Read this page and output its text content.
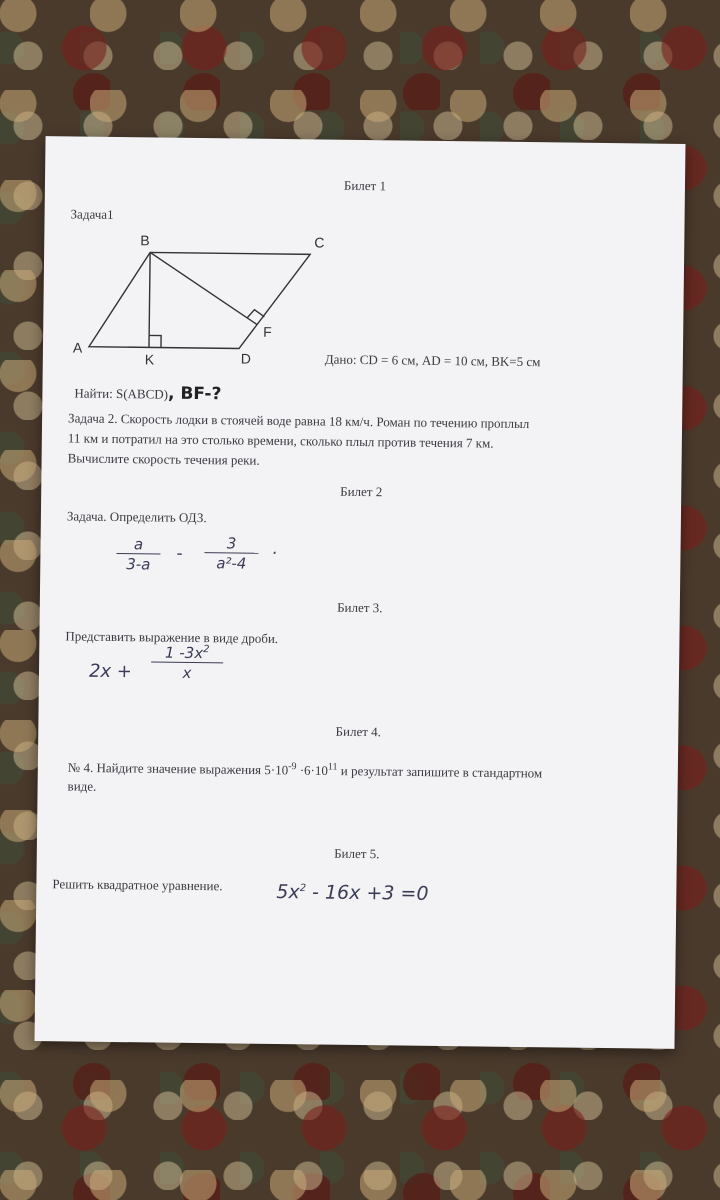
Билет 1
Задача1
A
B	C
D
K
F
Дано: CD = 6 см, AD = 10 см, BK=5 см
Найти: S(ABCD), BF-?
Задача 2. Скорость лодки в стоячей воде равна 18 км/ч. Роман по течению проплыл
11 км и потратил на это столько времени, сколько плыл против течения 7 км.
Вычислите скорость течения реки.
Билет 2
Задача. Определить ОДЗ.
$\frac{a}{3-a} - \frac{3}{\text{a²-4}}$ .
Билет 3.
Представить выражение в виде дроби.
$2x + \frac{1 -3x^2}{x}$
Билет 4.
№ 4. Найдите значение выражения $5\cdot 10^{-9} \cdot 6\cdot 10^{11}$ и результат запишите в стандартном
виде.
Билет 5.
Решить квадратное уравнение.	$5x^2 - 16x +3 =0$
